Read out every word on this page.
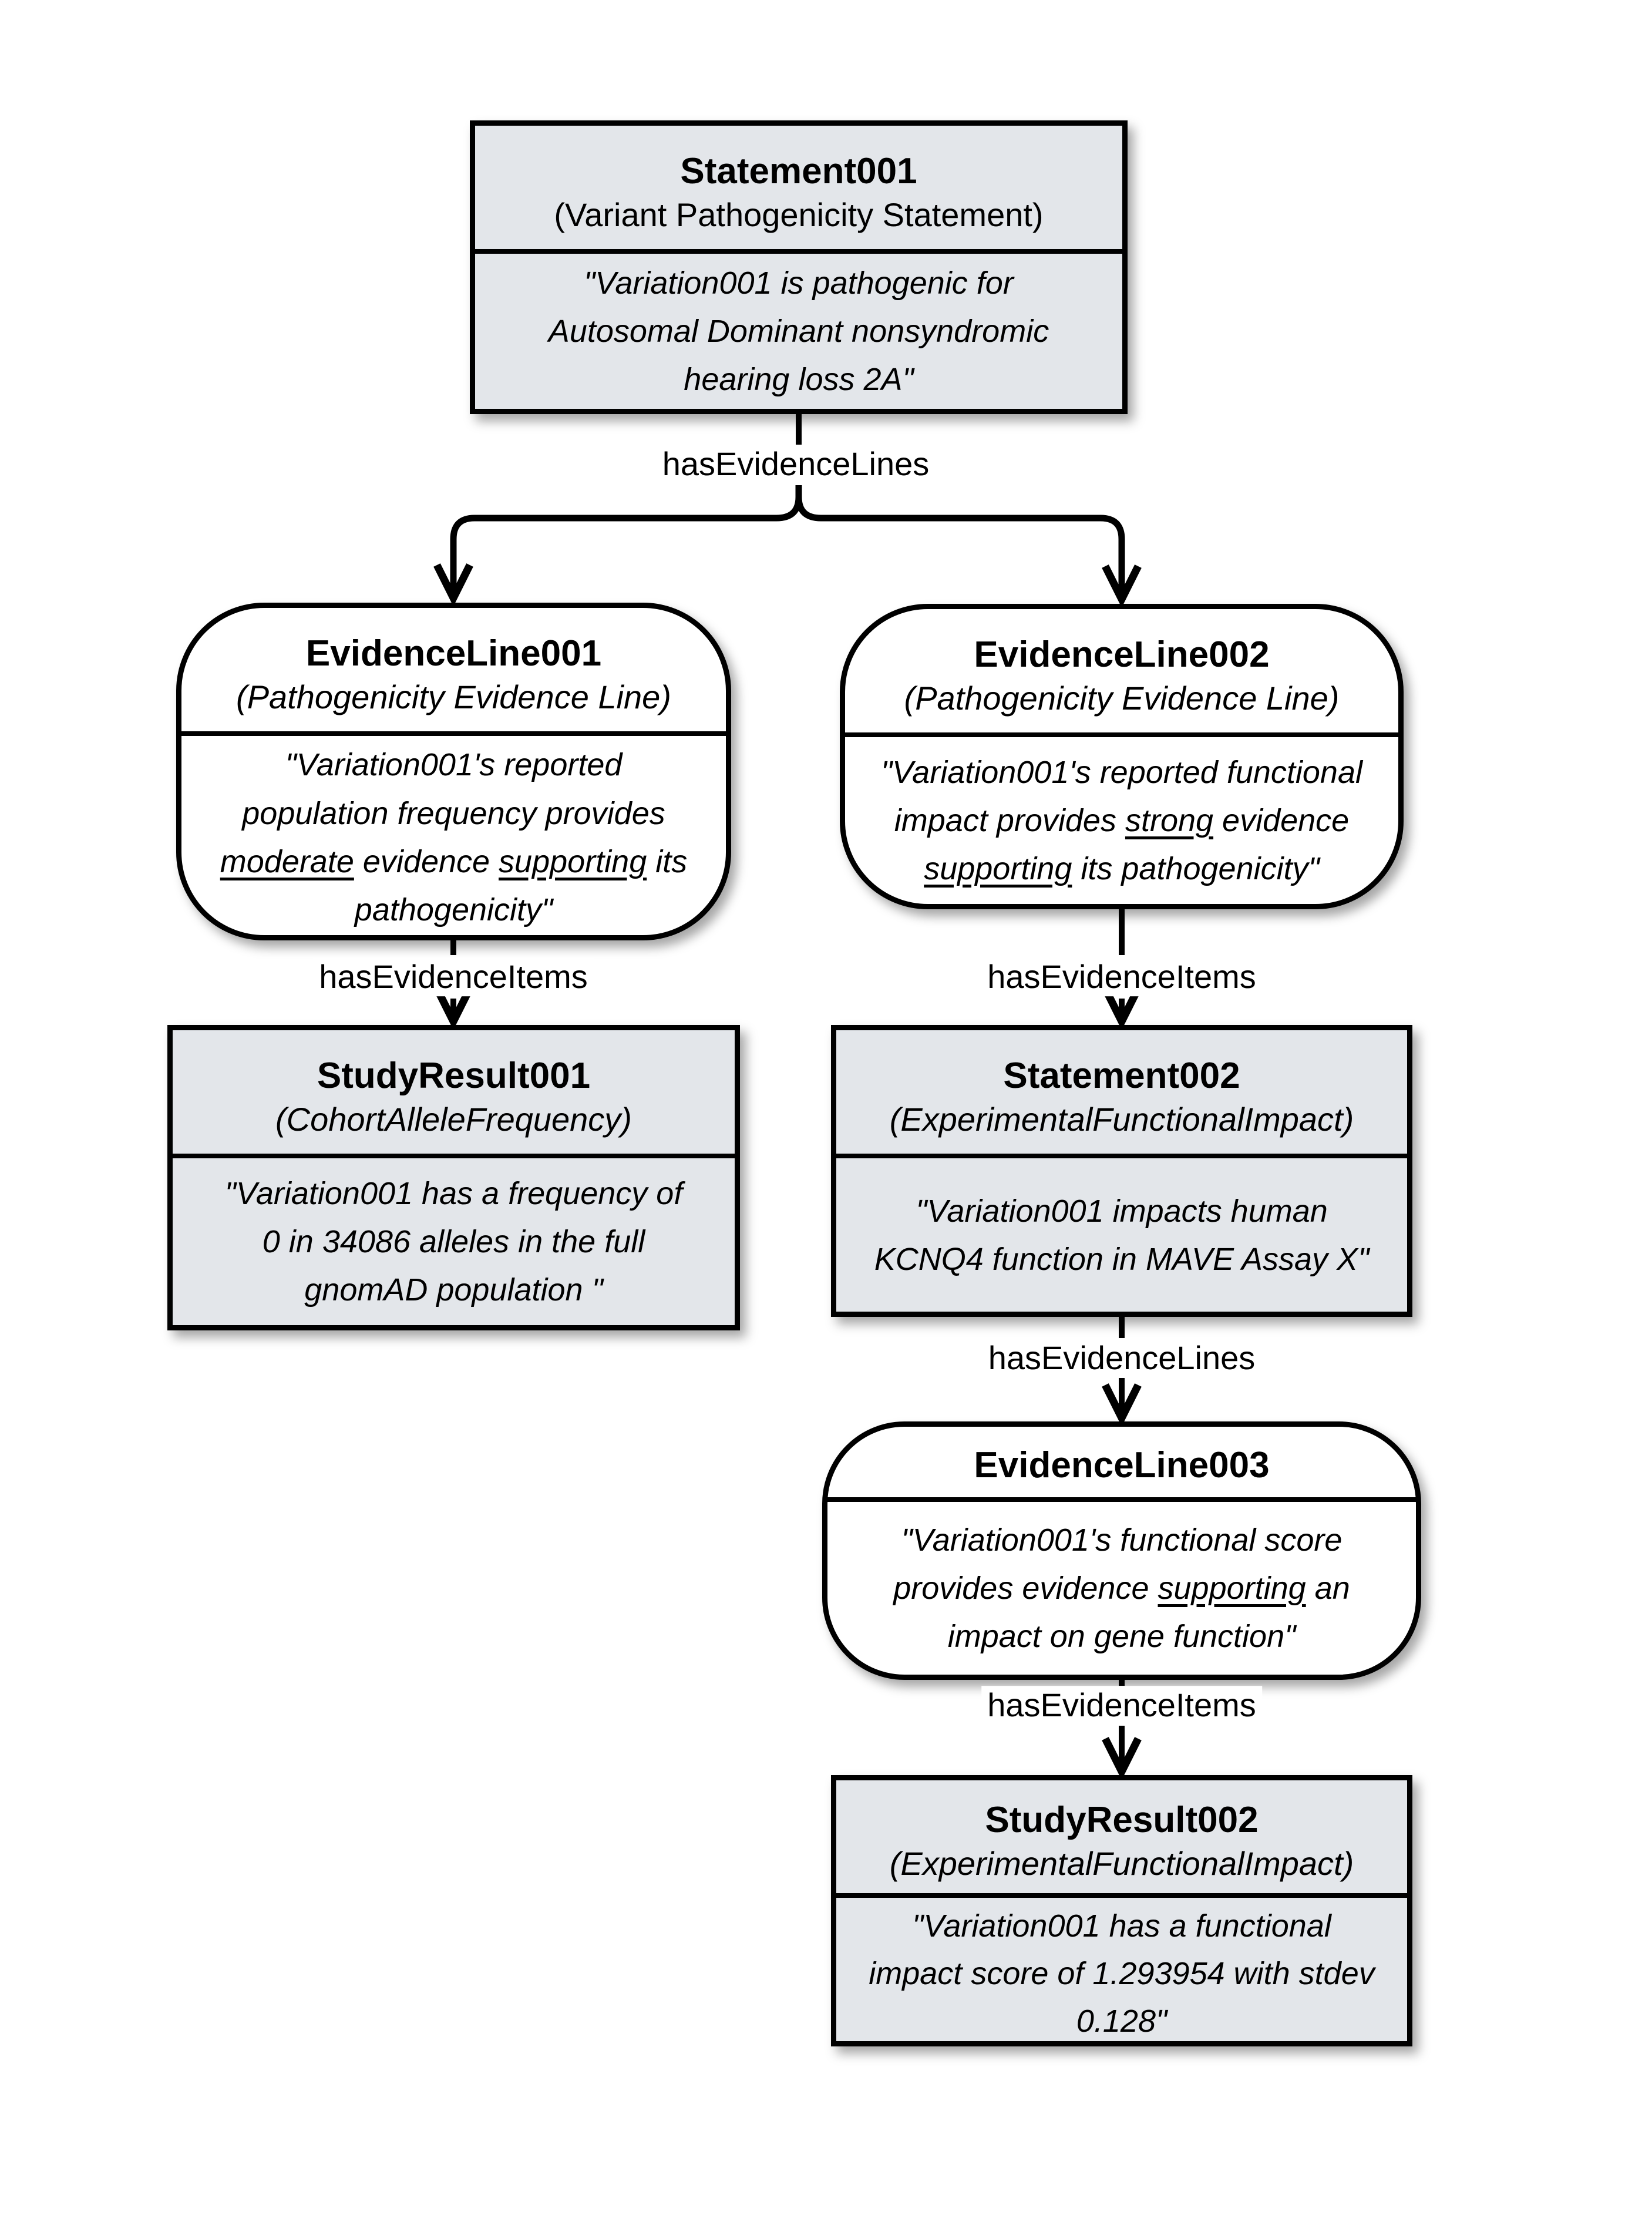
Statement001
(Variant Pathogenicity Statement)
"Variation001 is pathogenic for
Autosomal Dominant nonsyndromic
hearing loss 2A"
hasEvidenceLines
EvidenceLine001
(Pathogenicity Evidence Line)
"Variation001's reported
population frequency provides
moderate evidence supporting its
pathogenicity"
EvidenceLine002
(Pathogenicity Evidence Line)
"Variation001's reported functional
impact provides strong evidence
supporting its pathogenicity"
hasEvidenceItems	hasEvidenceItems
StudyResult001
(CohortAlleleFrequency)
"Variation001 has a frequency of
0 in 34086 alleles in the full
gnomAD population "
Statement002
(ExperimentalFunctionalImpact)
"Variation001 impacts human
KCNQ4 function in MAVE Assay X"
hasEvidenceLines
EvidenceLine003
"Variation001's functional score
provides evidence supporting an
impact on gene function"
hasEvidenceItems
StudyResult002
(ExperimentalFunctionalImpact)
"Variation001 has a functional
impact score of 1.293954 with stdev
0.128"
